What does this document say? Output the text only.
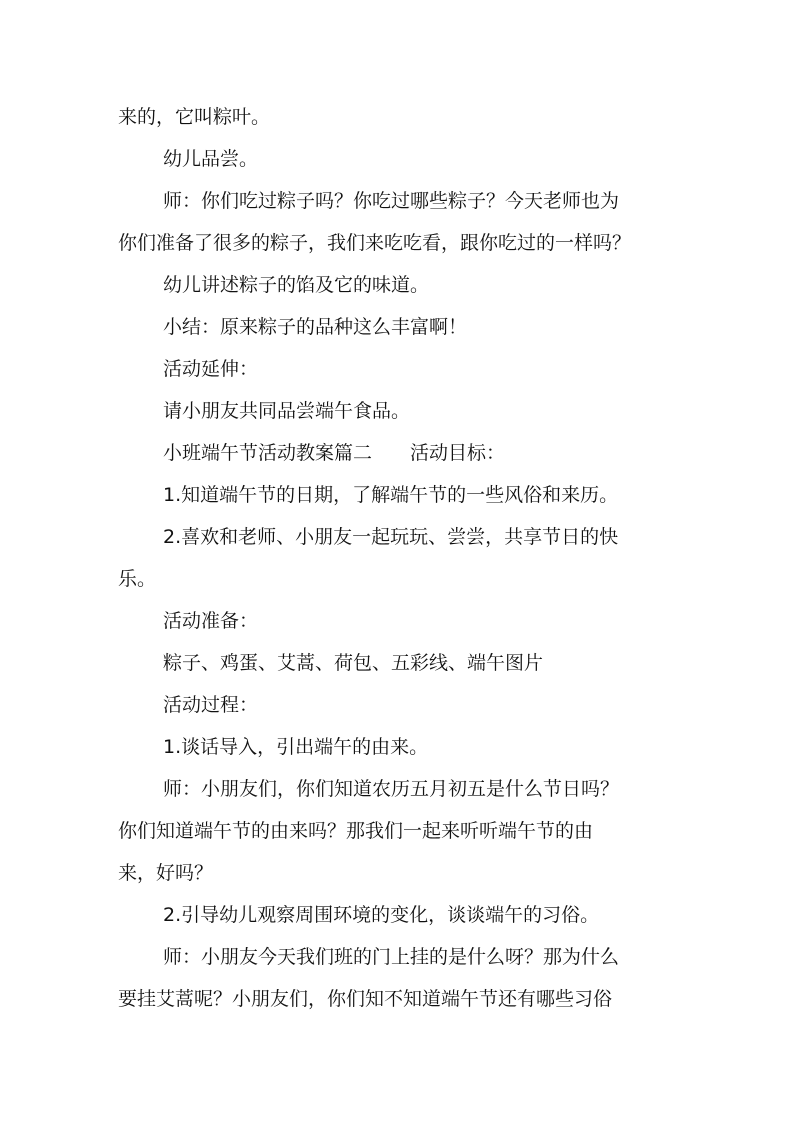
来的，它叫粽叶。
幼儿品尝。
师：你们吃过粽子吗？你吃过哪些粽子？今天老师也为
你们准备了很多的粽子，我们来吃吃看，跟你吃过的一样吗？
幼儿讲述粽子的馅及它的味道。
小结：原来粽子的品种这么丰富啊！
活动延伸：
请小朋友共同品尝端午食品。
小班端午节活动教案篇二　　活动目标：
1.知道端午节的日期，了解端午节的一些风俗和来历。
2.喜欢和老师、小朋友一起玩玩、尝尝，共享节日的快
乐。
活动准备：
粽子、鸡蛋、艾蒿、荷包、五彩线、端午图片
活动过程：
1.谈话导入，引出端午的由来。
师：小朋友们，你们知道农历五月初五是什么节日吗？
你们知道端午节的由来吗？那我们一起来听听端午节的由
来，好吗？
2.引导幼儿观察周围环境的变化，谈谈端午的习俗。
师：小朋友今天我们班的门上挂的是什么呀？那为什么
要挂艾蒿呢？小朋友们，你们知不知道端午节还有哪些习俗
